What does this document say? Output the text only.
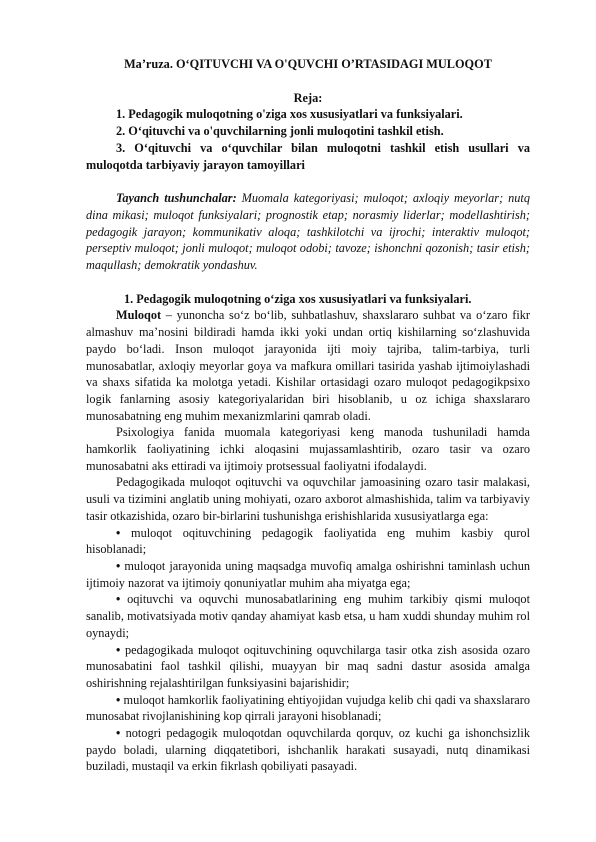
Ma’ruza. O‘QITUVCHI VA O'QUVCHI O’RTASIDAGI MULOQOT

Reja:

1. Pedagogik muloqotning o'ziga xos xususiyatlari va funksiyalari.

2. O‘qituvchi va o'quvchilarning jonli muloqotini tashkil etish.

3. O‘qituvchi va o‘quvchilar bilan muloqotni tashkil etish usullari va muloqotda tarbiyaviy jarayon tamoyillari

Tayanch tushunchalar: Muomala kategoriyasi; muloqot; axloqiy meyorlar; nutq dina mikasi; muloqot funksiyalari; prognostik etap; norasmiy liderlar; modellashtirish; pedagogik jarayon; kommunikativ aloqa; tashkilotchi va ijrochi; interaktiv muloqot; perseptiv muloqot; jonli muloqot; muloqot odobi; tavoze; ishonchni qozonish; tasir etish; maqullash; demokratik yondashuv.

1. Pedagogik muloqotning o‘ziga xos xususiyatlari va funksiyalari.

Muloqot – yunoncha so‘z bo‘lib, suhbatlashuv, shaxslararo suhbat va o‘zaro fikr almashuv ma’nosini bildiradi hamda ikki yoki undan ortiq kishilarning so‘zlashuvida paydo bo‘ladi. Inson muloqot jarayonida ijti moiy tajriba, talim-tarbiya, turli munosabatlar, axloqiy meyorlar goya va mafkura omillari tasirida yashab ijtimoiylashadi va shaxs sifatida ka molotga yetadi. Kishilar ortasidagi ozaro muloqot pedagogikpsixo logik fanlarning asosiy kategoriyalaridan biri hisoblanib, u oz ichiga shaxslararo munosabatning eng muhim mexanizmlarini qamrab oladi.

Psixologiya fanida muomala kategoriyasi keng manoda tushuniladi hamda hamkorlik faoliyatining ichki aloqasini mujassamlashtirib, ozaro tasir va ozaro munosabatni aks ettiradi va ijtimoiy protsessual faoliyatni ifodalaydi.

Pedagogikada muloqot oqituvchi va oquvchilar jamoasining ozaro tasir malakasi, usuli va tizimini anglatib uning mohiyati, ozaro axborot almashishida, talim va tarbiyaviy tasir otkazishida, ozaro bir-birlarini tushunishga erishishlarida xususiyatlarga ega:

• muloqot oqituvchining pedagogik faoliyatida eng muhim kasbiy qurol hisoblanadi;

• muloqot jarayonida uning maqsadga muvofiq amalga oshirishni taminlash uchun ijtimoiy nazorat va ijtimoiy qonuniyatlar muhim aha miyatga ega;

• oqituvchi va oquvchi munosabatlarining eng muhim tarkibiy qismi muloqot sanalib, motivatsiyada motiv qanday ahamiyat kasb etsa, u ham xuddi shunday muhim rol oynaydi;

• pedagogikada muloqot oqituvchining oquvchilarga tasir otka zish asosida ozaro munosabatini faol tashkil qilishi, muayyan bir maq sadni dastur asosida amalga oshirishning rejalashtirilgan funksiyasini bajarishidir;

• muloqot hamkorlik faoliyatining ehtiyojidan vujudga kelib chi qadi va shaxslararo munosabat rivojlanishining kop qirrali jarayoni hisoblanadi;

• notogri pedagogik muloqotdan oquvchilarda qorquv, oz kuchi ga ishonchsizlik paydo boladi, ularning diqqatetibori, ishchanlik harakati susayadi, nutq dinamikasi buziladi, mustaqil va erkin fikrlash qobiliyati pasayadi.
